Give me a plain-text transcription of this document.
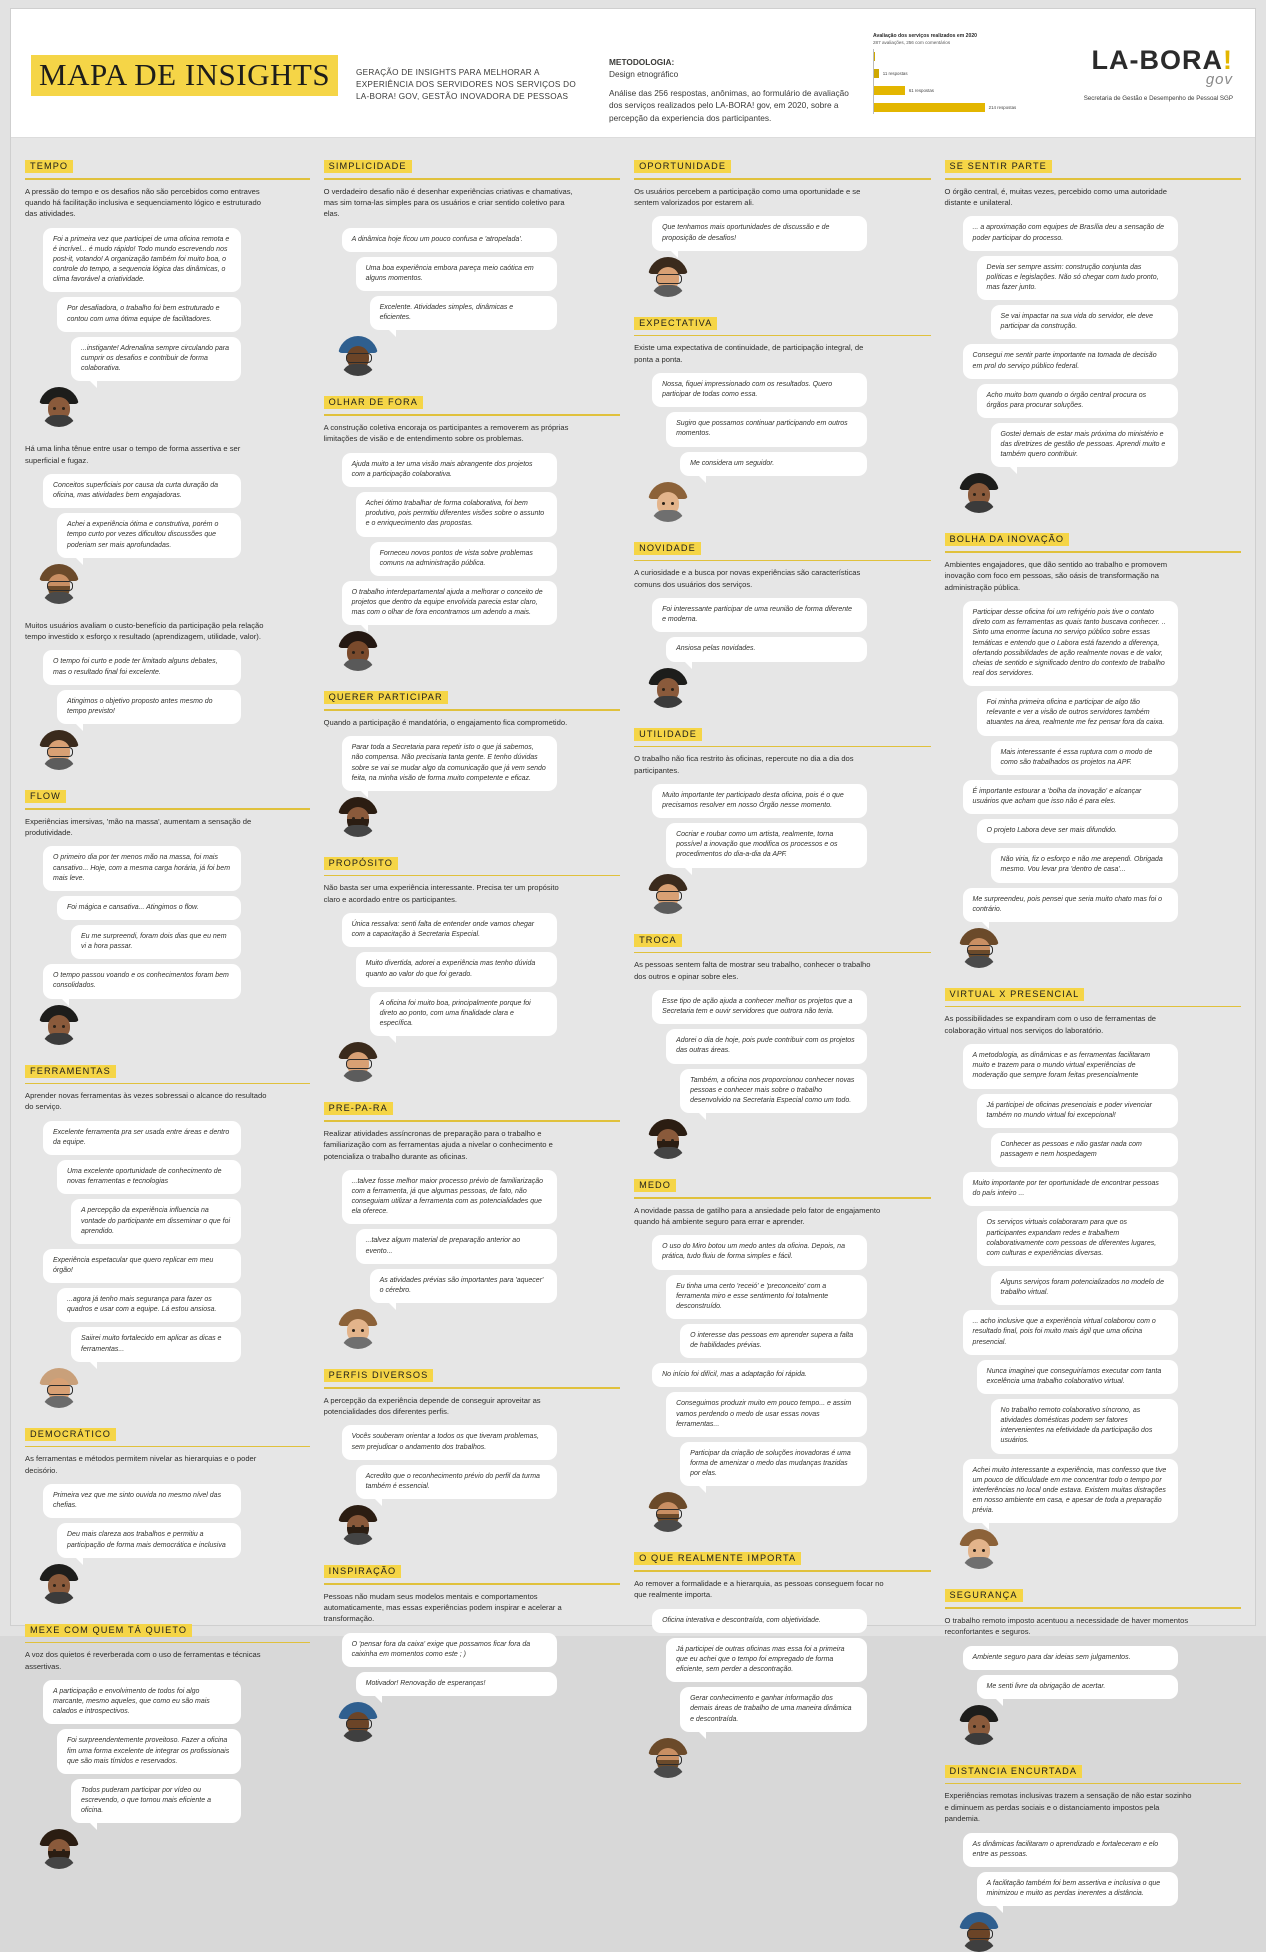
MAPA DE INSIGHTS	GERAÇÃO DE INSIGHTS PARA MELHORAR A EXPERIÊNCIA DOS SERVIDORES NOS SERVIÇOS DO LA-BORA! GOV, GESTÃO INOVADORA DE PESSOAS
METODOLOGIA:
Design etnográfico
Análise das 256 respostas, anônimas, ao formulário de avaliação dos serviços realizados pelo LA-BORA! gov, em 2020, sobre a percepção da experiencia dos participantes.
Avaliação dos serviços realizados em 2020
287 avaliações, 256 com comentários
11 respostas
61 respostas
214 respostas
LA-BORA!
gov
Secretaria de Gestão e Desempenho de Pessoal SGP
TEMPO

A pressão do tempo e os desafios não são percebidos como entraves quando há facilitação inclusiva e sequenciamento lógico e estruturado das atividades.

Foi a primeira vez que participei de uma oficina remota e é incrível... é mudo rápido! Todo mundo escrevendo nos post-it, votando! A organização também foi muito boa, o controle do tempo, a sequencia lógica das dinâmicas, o clima favorável a criatividade.
Por desafiadora, o trabalho foi bem estruturado e contou com uma ótima equipe de facilitadores.
...instigante! Adrenalina sempre circulando para cumprir os desafios e contribuir de forma colaborativa.

Há uma linha tênue entre usar o tempo de forma assertiva e ser superficial e fugaz.

Conceitos superficiais por causa da curta duração da oficina, mas atividades bem engajadoras.
Achei a experiência ótima e construtiva, porém o tempo curto por vezes dificultou discussões que poderiam ser mais aprofundadas.

Muitos usuários avaliam o custo-benefício da participação pela relação tempo investido x esforço x resultado (aprendizagem, utilidade, valor).

O tempo foi curto e pode ter limitado alguns debates, mas o resultado final foi excelente.
Atingimos o objetivo proposto antes mesmo do tempo previsto!
FLOW

Experiências imersivas, 'mão na massa', aumentam a sensação de produtividade.

O primeiro dia por ter menos mão na massa, foi mais cansativo... Hoje, com a mesma carga horária, já foi bem mais leve.
Foi mágica e cansativa... Atingimos o flow.
Eu me surpreendi, foram dois dias que eu nem vi a hora passar.
O tempo passou voando e os conhecimentos foram bem consolidados.
FERRAMENTAS

Aprender novas ferramentas às vezes sobressai o alcance do resultado do serviço.

Excelente ferramenta pra ser usada entre áreas e dentro da equipe.
Uma excelente oportunidade de conhecimento de novas ferramentas e tecnologias
A percepção da experiência influencia na vontade do participante em disseminar o que foi aprendido.
Experiência espetacular que quero replicar em meu órgão!
...agora já tenho mais segurança para fazer os quadros e usar com a equipe. Lá estou ansiosa.
Saiirei muito fortalecido em aplicar as dicas e ferramentas...
DEMOCRÁTICO

As ferramentas e métodos permitem nivelar as hierarquias e o poder decisório.

Primeira vez que me sinto ouvida no mesmo nível das chefias.
Deu mais clareza aos trabalhos e permitiu a participação de forma mais democrática e inclusiva
MEXE COM QUEM TÁ QUIETO

A voz dos quietos é reverberada com o uso de ferramentas e técnicas assertivas.

A participação e envolvimento de todos foi algo marcante, mesmo aqueles, que como eu são mais calados e introspectivos.
Foi surpreendentemente proveitoso. Fazer a oficina fim uma forma excelente de integrar os profissionais que são mais tímidos e reservados.
Todos puderam participar por vídeo ou escrevendo, o que tornou mais eficiente a oficina.
SIMPLICIDADE

O verdadeiro desafio não é desenhar experiências criativas e chamativas, mas sim torna-las simples para os usuários e criar sentido coletivo para elas.

A dinâmica hoje ficou um pouco confusa e 'atropelada'.
Uma boa experiência embora pareça meio caótica em alguns momentos.
Excelente. Atividades simples, dinâmicas e eficientes.
OLHAR DE FORA

A construção coletiva encoraja os participantes a removerem as próprias limitações de visão e de entendimento sobre os problemas.

Ajuda muito a ter uma visão mais abrangente dos projetos com a participação colaborativa.
Achei ótimo trabalhar de forma colaborativa, foi bem produtivo, pois permitiu diferentes visões sobre o assunto e o enriquecimento das propostas.
Forneceu novos pontos de vista sobre problemas comuns na administração pública.
O trabalho interdepartamental ajuda a melhorar o conceito de projetos que dentro da equipe envolvida parecia estar claro, mas com o olhar de fora encontramos um adendo a mais.
QUERER PARTICIPAR

Quando a participação é mandatória, o engajamento fica comprometido.

Parar toda a Secretaria para repetir isto o que já sabemos, não compensa. Não precisaria tanta gente. E tenho dúvidas sobre se vai se mudar algo da comunicação que já vem sendo feita, na minha visão de forma muito competente e eficaz.
PROPÓSITO

Não basta ser uma experiência interessante. Precisa ter um propósito claro e acordado entre os participantes.

Única ressalva: senti falta de entender onde vamos chegar com a capacitação à Secretaria Especial.
Muito divertida, adorei a experiência mas tenho dúvida quanto ao valor do que foi gerado.
A oficina foi muito boa, principalmente porque foi direto ao ponto, com uma finalidade clara e específica.
PRE-PA-RA

Realizar atividades assíncronas de preparação para o trabalho e familiarização com as ferramentas ajuda a nivelar o conhecimento e potencializa o trabalho durante as oficinas.

...talvez fosse melhor maior processo prévio de familiarização com a ferramenta, já que algumas pessoas, de fato, não conseguiam utilizar a ferramenta com as potencialidades que ela oferece.
...talvez algum material de preparação anterior ao evento...
As atividades prévias são importantes para 'aquecer' o cérebro.
PERFIS DIVERSOS

A percepção da experiência depende de conseguir aproveitar as potencialidades dos diferentes perfis.

Vocês souberam orientar a todos os que tiveram problemas, sem prejudicar o andamento dos trabalhos.
Acredito que o reconhecimento prévio do perfil da turma também é essencial.
INSPIRAÇÃO

Pessoas não mudam seus modelos mentais e comportamentos automaticamente, mas essas experiências podem inspirar e acelerar a transformação.

O 'pensar fora da caixa' exige que possamos ficar fora da caixinha em momentos como este ; )
Motivador! Renovação de esperanças!
OPORTUNIDADE

Os usuários percebem a participação como uma oportunidade e se sentem valorizados por estarem ali.

Que tenhamos mais oportunidades de discussão e de proposição de desafios!
EXPECTATIVA

Existe uma expectativa de continuidade, de participação integral, de ponta a ponta.

Nossa, fiquei impressionado com os resultados. Quero participar de todas como essa.
Sugiro que possamos continuar participando em outros momentos.
Me considera um seguidor.
NOVIDADE

A curiosidade e a busca por novas experiências são características comuns dos usuários dos serviços.

Foi interessante participar de uma reunião de forma diferente e moderna.
Ansiosa pelas novidades.
UTILIDADE

O trabalho não fica restrito às oficinas, repercute no dia a dia dos participantes.

Muito importante ter participado desta oficina, pois é o que precisamos resolver em nosso Órgão nesse momento.
Cocriar e roubar como um artista, realmente, torna possível a inovação que modifica os processos e os procedimentos do dia-a-dia da APF.
TROCA

As pessoas sentem falta de mostrar seu trabalho, conhecer o trabalho dos outros e opinar sobre eles.

Esse tipo de ação ajuda a conhecer melhor os projetos que a Secretaria tem e ouvir servidores que outrora não teria.
Adorei o dia de hoje, pois pude contribuir com os projetos das outras áreas.
Também, a oficina nos proporcionou conhecer novas pessoas e conhecer mais sobre o trabalho desenvolvido na Secretaria Especial como um todo.
MEDO

A novidade passa de gatilho para a ansiedade pelo fator de engajamento quando há ambiente seguro para errar e aprender.

O uso do Miro botou um medo antes da oficina. Depois, na prática, tudo fluiu de forma simples e fácil.
Eu tinha uma certo 'receió' e 'preconceito' com a ferramenta miro e esse sentimento foi totalmente desconstruído.
O interesse das pessoas em aprender supera a falta de habilidades prévias.
No início foi difícil, mas a adaptação foi rápida.
Conseguimos produzir muito em pouco tempo... e assim vamos perdendo o medo de usar essas novas ferramentas...
Participar da criação de soluções inovadoras é uma forma de amenizar o medo das mudanças trazidas por elas.
O QUE REALMENTE IMPORTA

Ao remover a formalidade e a hierarquia, as pessoas conseguem focar no que realmente importa.

Oficina interativa e descontraída, com objetividade.
Já participei de outras oficinas mas essa foi a primeira que eu achei que o tempo foi empregado de forma eficiente, sem perder a descontração.
Gerar conhecimento e ganhar informação dos demais áreas de trabalho de uma maneira dinâmica e descontraída.
SE SENTIR PARTE

O órgão central, é, muitas vezes, percebido como uma autoridade distante e unilateral.

... a aproximação com equipes de Brasília deu a sensação de poder participar do processo.
Devia ser sempre assim: construção conjunta das políticas e legislações. Não só chegar com tudo pronto, mas fazer junto.
Se vai impactar na sua vida do servidor, ele deve participar da construção.
Consegui me sentir parte importante na tomada de decisão em prol do serviço público federal.
Acho muito bom quando o órgão central procura os órgãos para procurar soluções.
Gostei demais de estar mais próxima do ministério e das diretrizes de gestão de pessoas. Aprendi muito e também quero contribuir.
BOLHA DA INOVAÇÃO

Ambientes engajadores, que dão sentido ao trabalho e promovem inovação com foco em pessoas, são oásis de transformação na administração pública.

Participar desse oficina foi um refrigério pois tive o contato direto com as ferramentas as quais tanto buscava conhecer. .. Sinto uma enorme lacuna no serviço público sobre essas temáticas e entendo que o Labora está fazendo a diferença, ofertando possibilidades de ação realmente novas e de valor, cheias de sentido e significado dentro do contexto de trabalho real dos servidores.
Foi minha primeira oficina e participar de algo tão relevante e ver a visão de outros servidores também atuantes na área, realmente me fez pensar fora da caixa.
Mais interessante é essa ruptura com o modo de como são trabalhados os projetos na APF.
É importante estourar a 'bolha da inovação' e alcançar usuários que acham que isso não é para eles.
O projeto Labora deve ser mais difundido.
Não viria, fiz o esforço e não me arependi. Obrigada mesmo. Vou levar pra 'dentro de casa'...
Me surpreendeu, pois pensei que seria muito chato mas foi o contrário.
VIRTUAL X PRESENCIAL

As possibilidades se expandiram com o uso de ferramentas de colaboração virtual nos serviços do laboratório.

A metodologia, as dinâmicas e as ferramentas facilitaram muito e trazem para o mundo virtual experiências de moderação que sempre foram feitas presencialmente
Já participei de oficinas presenciais e poder vivenciar também no mundo virtual foi excepcional!
Conhecer as pessoas e não gastar nada com passagem e nem hospedagem
Muito importante por ter oportunidade de encontrar pessoas do país inteiro ...
Os serviços virtuais colaboraram para que os participantes expandam redes e trabalhem colaborativamente com pessoas de diferentes lugares, com culturas e experiências diversas.
Alguns serviços foram potencializados no modelo de trabalho virtual.
... acho inclusive que a experiência virtual colaborou com o resultado final, pois foi muito mais ágil que uma oficina presencial.
Nunca imaginei que conseguiríamos executar com tanta excelência uma trabalho colaborativo virtual.
No trabalho remoto colaborativo síncrono, as atividades domésticas podem ser fatores intervenientes na efetividade da participação dos usuários.
Achei muito interessante a experiência, mas confesso que tive um pouco de dificuldade em me concentrar todo o tempo por interferências no local onde estava. Existem muitas distrações em nosso ambiente em casa, e apesar de toda a preparação prévia.
SEGURANÇA

O trabalho remoto imposto acentuou a necessidade de haver momentos reconfortantes e seguros.

Ambiente seguro para dar ideias sem julgamentos.
Me senti livre da obrigação de acertar.
DISTANCIA ENCURTADA

Experiências remotas inclusivas trazem a sensação de não estar sozinho e diminuem as perdas sociais e o distanciamento impostos pela pandemia.

As dinâmicas facilitaram o aprendizado e fortaleceram e elo entre as pessoas.
A facilitação também foi bem assertiva e inclusiva o que minimizou e muito as perdas inerentes a distância.
